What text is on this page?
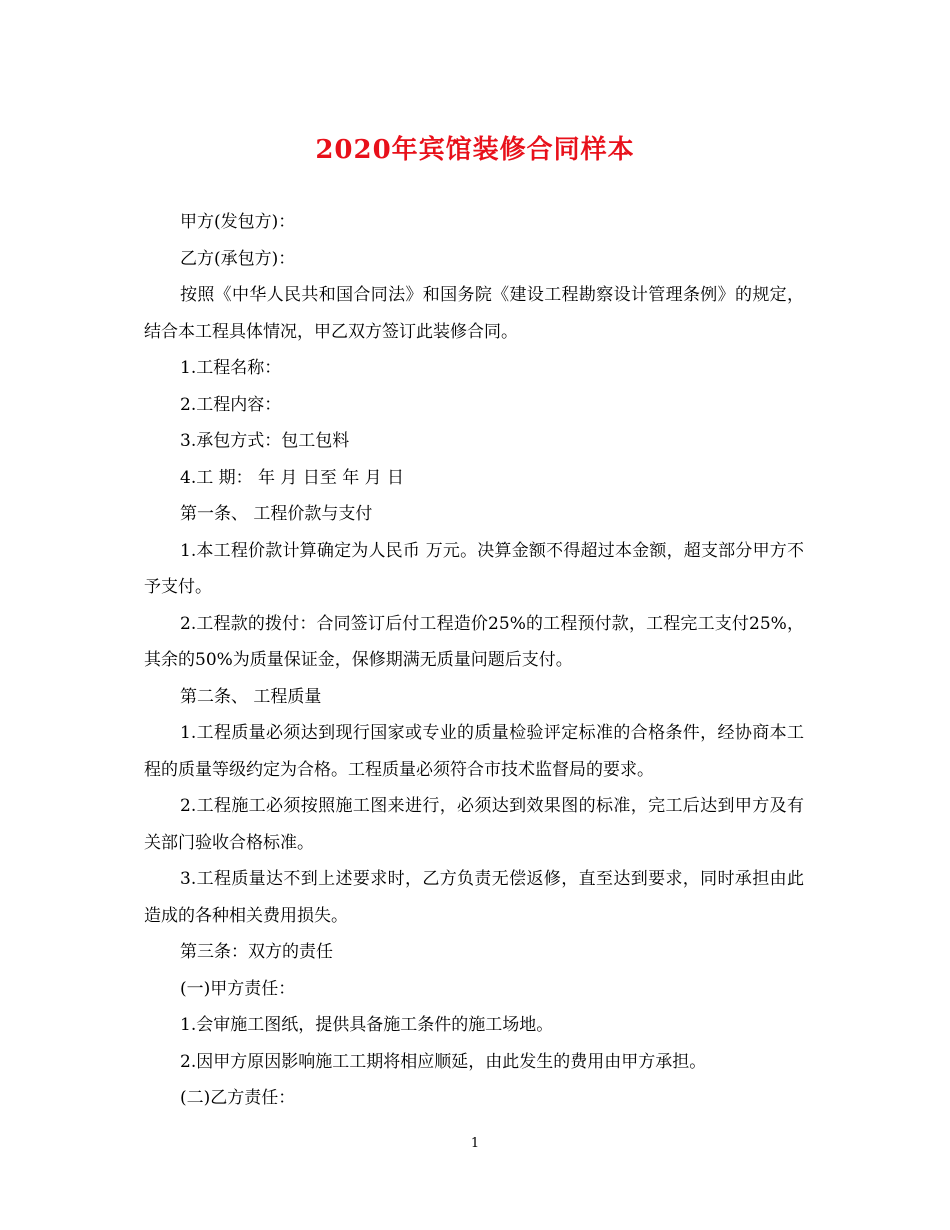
2020年宾馆装修合同样本

甲方(发包方)：

乙方(承包方)：

按照《中华人民共和国合同法》和国务院《建设工程勘察设计管理条例》的规定，结合本工程具体情况，甲乙双方签订此装修合同。

1.工程名称：

2.工程内容：

3.承包方式：包工包料

4.工 期： 年 月 日至 年 月 日

第一条、 工程价款与支付

1.本工程价款计算确定为人民币 万元。决算金额不得超过本金额，超支部分甲方不予支付。

2.工程款的拨付：合同签订后付工程造价25%的工程预付款，工程完工支付25%，其余的50%为质量保证金，保修期满无质量问题后支付。

第二条、 工程质量

1.工程质量必须达到现行国家或专业的质量检验评定标准的合格条件，经协商本工程的质量等级约定为合格。工程质量必须符合市技术监督局的要求。

2.工程施工必须按照施工图来进行，必须达到效果图的标准，完工后达到甲方及有关部门验收合格标准。

3.工程质量达不到上述要求时，乙方负责无偿返修，直至达到要求，同时承担由此造成的各种相关费用损失。

第三条：双方的责任

(一)甲方责任：

1.会审施工图纸，提供具备施工条件的施工场地。

2.因甲方原因影响施工工期将相应顺延，由此发生的费用由甲方承担。

(二)乙方责任：

1
